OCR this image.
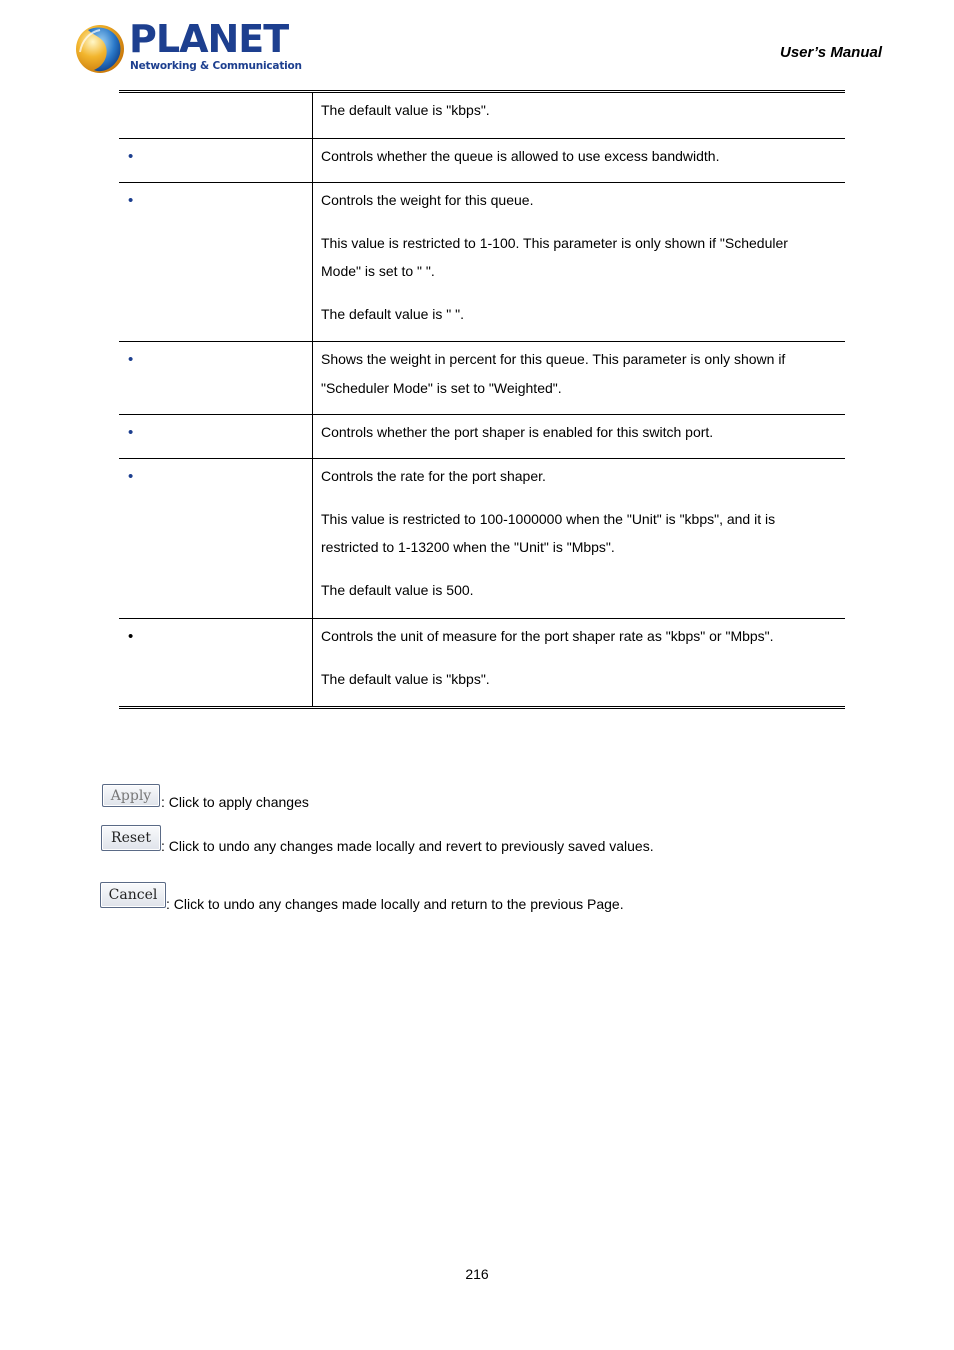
PLANET
Networking & Communication
User’s Manual

The default value is "kbps".

•	Controls whether the queue is allowed to use excess bandwidth.

•	Controls the weight for this queue.

This value is restricted to 1-100. This parameter is only shown if "Scheduler

Mode" is set to " ".

The default value is " ".

•	Shows the weight in percent for this queue. This parameter is only shown if

"Scheduler Mode" is set to "Weighted".

•	Controls whether the port shaper is enabled for this switch port.

•	Controls the rate for the port shaper.

This value is restricted to 100-1000000 when the "Unit" is "kbps", and it is

restricted to 1-13200 when the "Unit" is "Mbps".

The default value is 500.

•	Controls the unit of measure for the port shaper rate as "kbps" or "Mbps".

The default value is "kbps".

Apply : Click to apply changes
Reset : Click to undo any changes made locally and revert to previously saved values.
Cancel
: Click to undo any changes made locally and return to the previous Page.
216
